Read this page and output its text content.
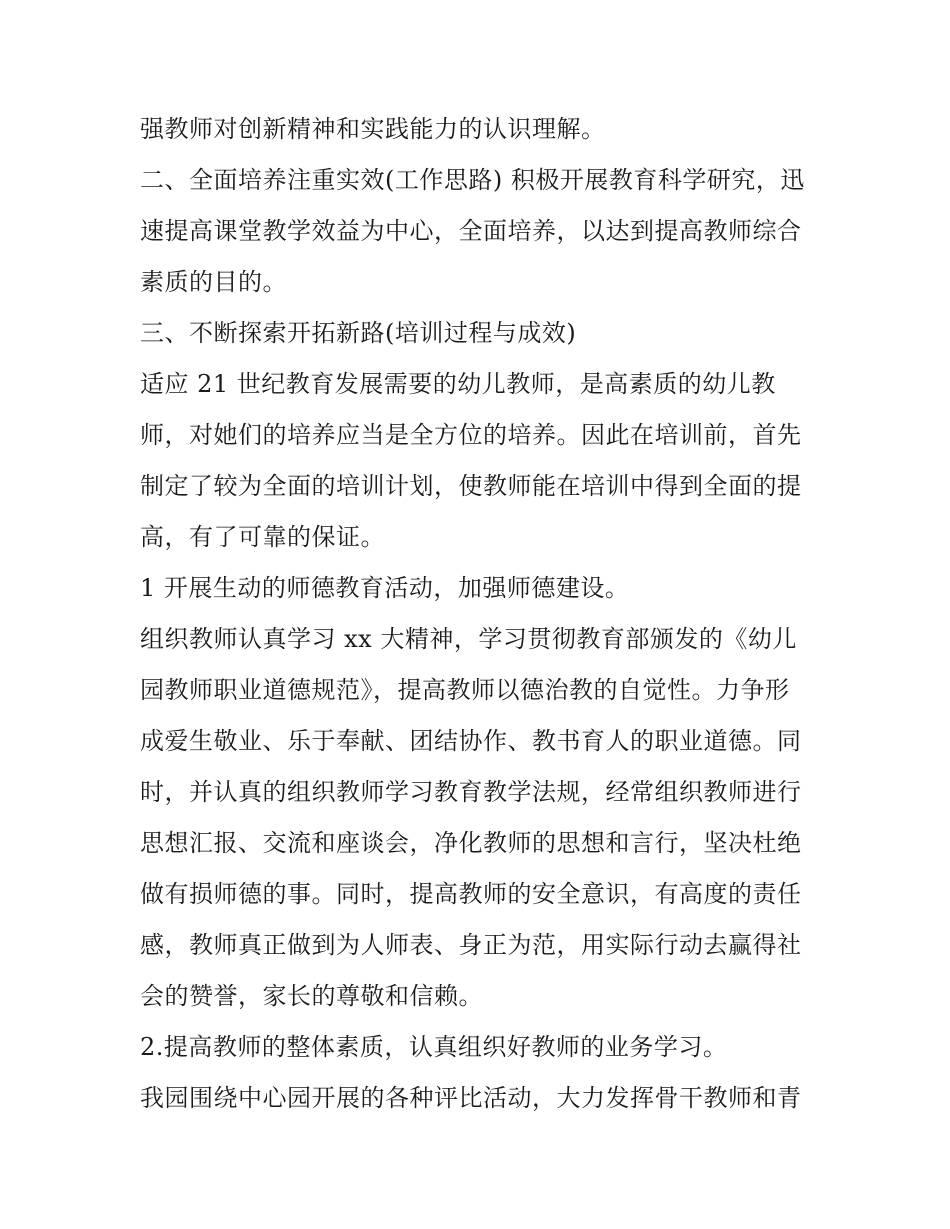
强教师对创新精神和实践能力的认识理解。
二、全面培养注重实效(工作思路) 积极开展教育科学研究，迅
速提高课堂教学效益为中心，全面培养，以达到提高教师综合
素质的目的。
三、不断探索开拓新路(培训过程与成效)
适应 21 世纪教育发展需要的幼儿教师，是高素质的幼儿教
师，对她们的培养应当是全方位的培养。因此在培训前，首先
制定了较为全面的培训计划，使教师能在培训中得到全面的提
高，有了可靠的保证。
1 开展生动的师德教育活动，加强师德建设。
组织教师认真学习 xx 大精神，学习贯彻教育部颁发的《幼儿
园教师职业道德规范》，提高教师以德治教的自觉性。力争形
成爱生敬业、乐于奉献、团结协作、教书育人的职业道德。同
时，并认真的组织教师学习教育教学法规，经常组织教师进行
思想汇报、交流和座谈会，净化教师的思想和言行，坚决杜绝
做有损师德的事。同时，提高教师的安全意识，有高度的责任
感，教师真正做到为人师表、身正为范，用实际行动去赢得社
会的赞誉，家长的尊敬和信赖。
2.提高教师的整体素质，认真组织好教师的业务学习。
我园围绕中心园开展的各种评比活动，大力发挥骨干教师和青
